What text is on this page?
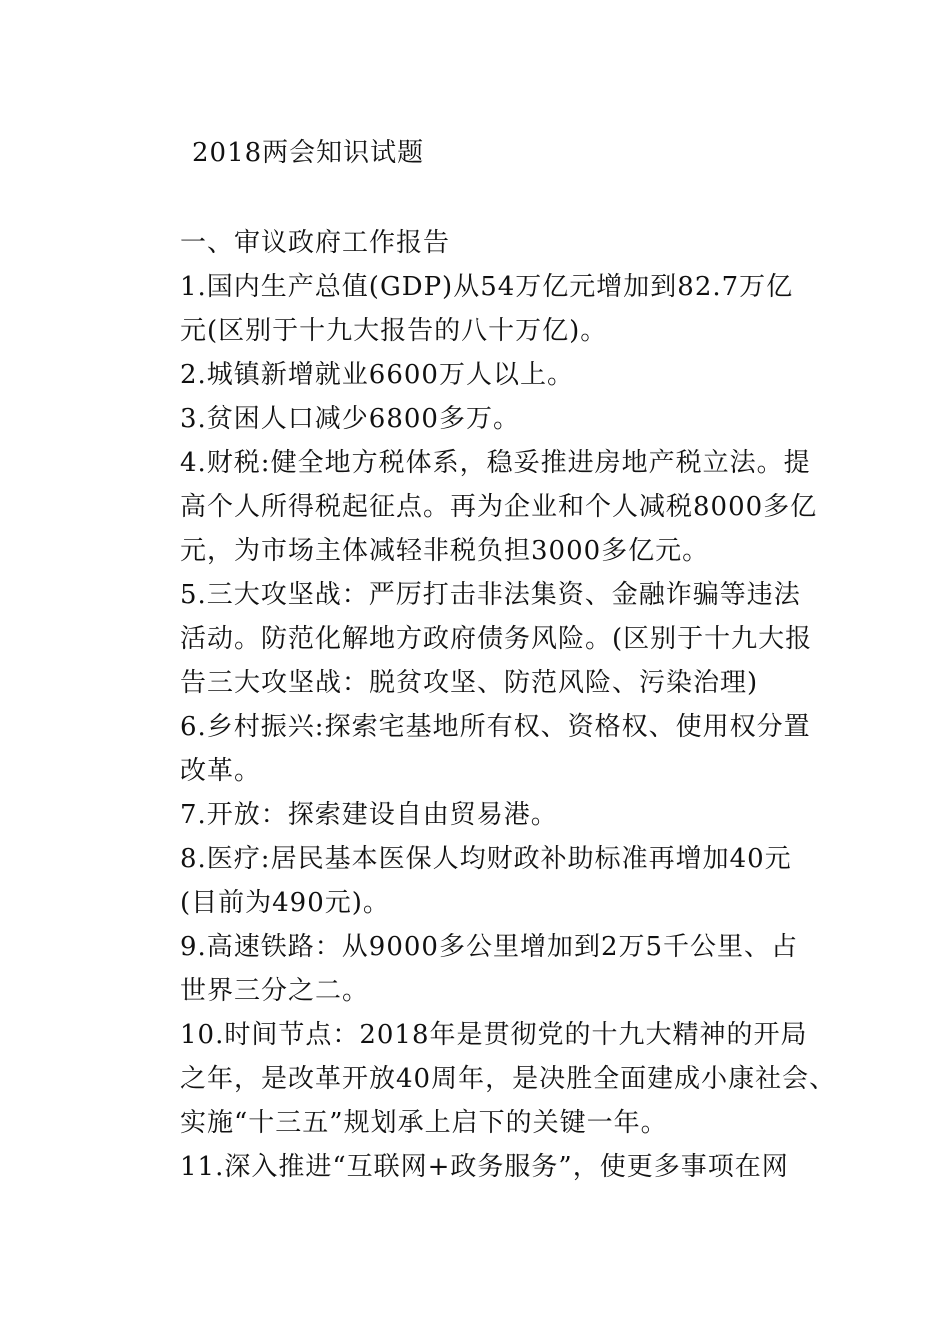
2018两会知识试题
一、审议政府工作报告
1.国内生产总值(GDP)从54万亿元增加到82.7万亿
元(区别于十九大报告的八十万亿)。
2.城镇新增就业6600万人以上。
3.贫困人口减少6800多万。
4.财税:健全地方税体系，稳妥推进房地产税立法。提
高个人所得税起征点。再为企业和个人减税8000多亿
元，为市场主体减轻非税负担3000多亿元。
5.三大攻坚战：严厉打击非法集资、金融诈骗等违法
活动。防范化解地方政府债务风险。(区别于十九大报
告三大攻坚战：脱贫攻坚、防范风险、污染治理)
6.乡村振兴:探索宅基地所有权、资格权、使用权分置
改革。
7.开放：探索建设自由贸易港。
8.医疗:居民基本医保人均财政补助标准再增加40元
(目前为490元)。
9.高速铁路：从9000多公里增加到2万5千公里、占
世界三分之二。
10.时间节点：2018年是贯彻党的十九大精神的开局
之年，是改革开放40周年，是决胜全面建成小康社会、
实施“十三五”规划承上启下的关键一年。
11.深入推进“互联网+政务服务”，使更多事项在网
